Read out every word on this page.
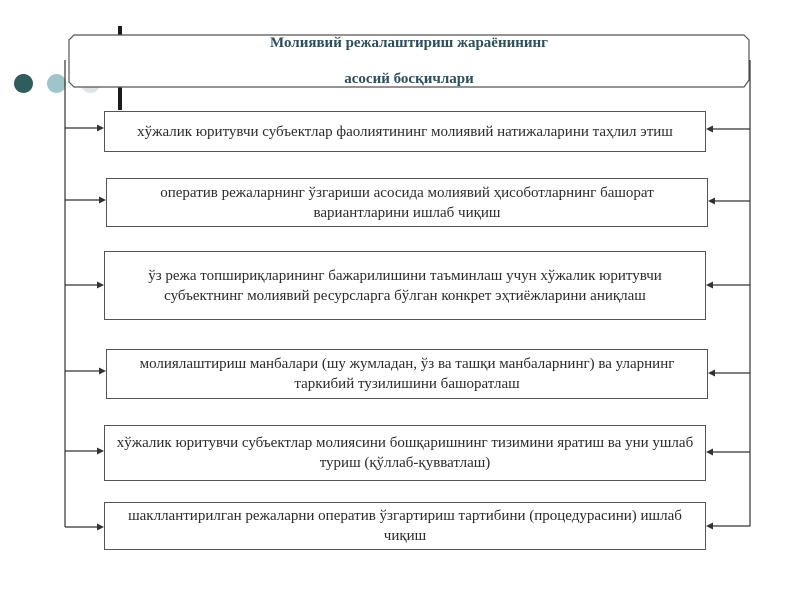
Молиявий режалаштириш жараёнининг

асосий босқичлари

хўжалик юритувчи субъектлар фаолиятининг молиявий натижаларини таҳлил этиш
оператив режаларнинг ўзгариши асосида молиявий ҳисоботларнинг башорат вариантларини ишлаб чиқиш
ўз режа топшириқларининг бажарилишини таъминлаш учун хўжалик юритувчи субъектнинг молиявий ресурсларга бўлган конкрет эҳтиёжларини аниқлаш
молиялаштириш манбалари (шу жумладан, ўз ва ташқи манбаларнинг) ва уларнинг таркибий тузилишини башоратлаш
хўжалик юритувчи субъектлар молиясини бошқаришнинг тизимини яратиш ва уни ушлаб туриш (қўллаб-қувватлаш)
шакллантирилган режаларни оператив ўзгартириш тартибини (процедурасини) ишлаб чиқиш
